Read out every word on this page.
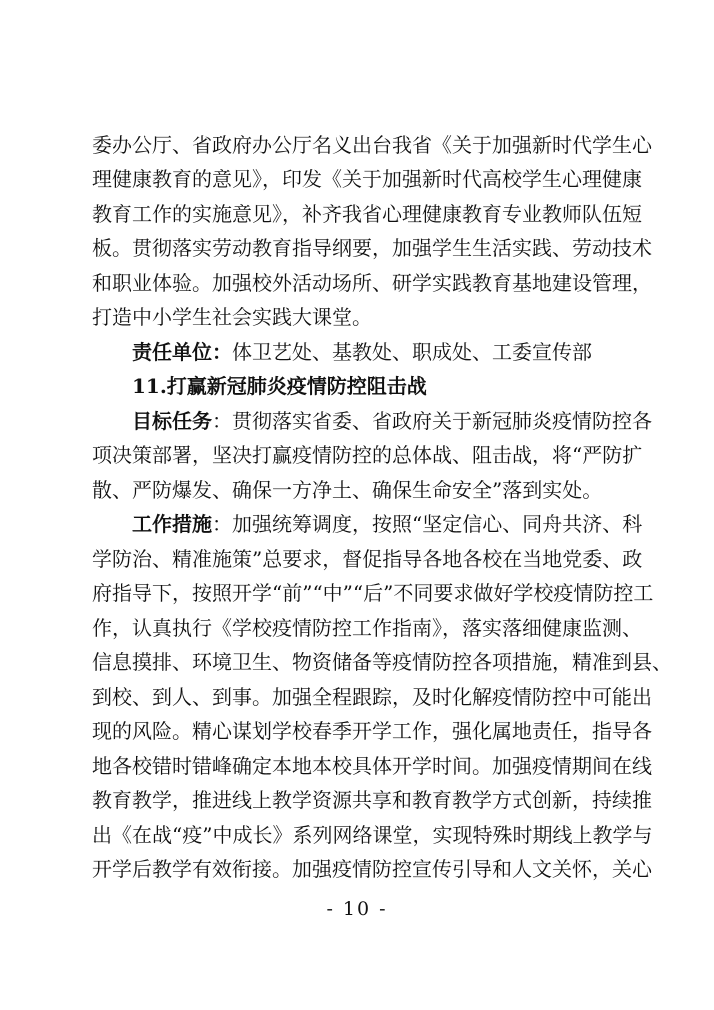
委办公厅、省政府办公厅名义出台我省《关于加强新时代学生心
理健康教育的意见》，印发《关于加强新时代高校学生心理健康
教育工作的实施意见》，补齐我省心理健康教育专业教师队伍短
板。贯彻落实劳动教育指导纲要，加强学生生活实践、劳动技术
和职业体验。加强校外活动场所、研学实践教育基地建设管理，
打造中小学生社会实践大课堂。
责任单位：体卫艺处、基教处、职成处、工委宣传部
11.打赢新冠肺炎疫情防控阻击战
目标任务：贯彻落实省委、省政府关于新冠肺炎疫情防控各
项决策部署，坚决打赢疫情防控的总体战、阻击战，将“严防扩
散、严防爆发、确保一方净土、确保生命安全”落到实处。
工作措施：加强统筹调度，按照“坚定信心、同舟共济、科
学防治、精准施策”总要求，督促指导各地各校在当地党委、政
府指导下，按照开学“前”“中”“后”不同要求做好学校疫情防控工
作，认真执行《学校疫情防控工作指南》，落实落细健康监测、
信息摸排、环境卫生、物资储备等疫情防控各项措施，精准到县、
到校、到人、到事。加强全程跟踪，及时化解疫情防控中可能出
现的风险。精心谋划学校春季开学工作，强化属地责任，指导各
地各校错时错峰确定本地本校具体开学时间。加强疫情期间在线
教育教学，推进线上教学资源共享和教育教学方式创新，持续推
出《在战“疫”中成长》系列网络课堂，实现特殊时期线上教学与
开学后教学有效衔接。加强疫情防控宣传引导和人文关怀，关心
- 10 -
